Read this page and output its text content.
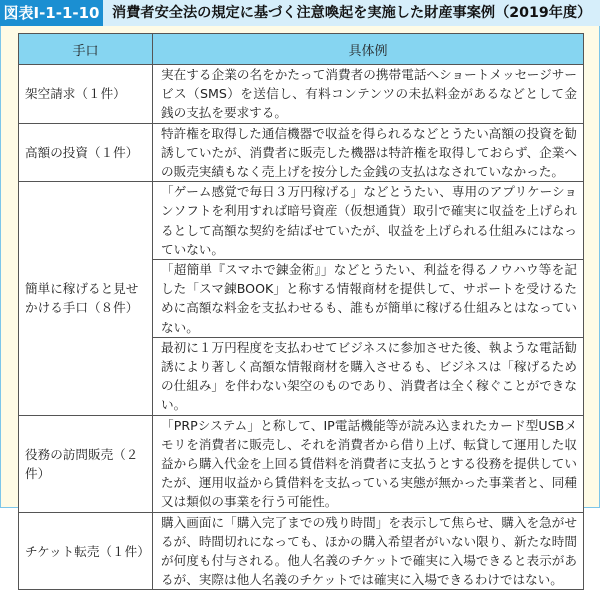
図表Ⅰ-1-1-10 消費者安全法の規定に基づく注意喚起を実施した財産事案例（2019年度）
手口	具体例
架空請求（１件）	実在する企業の名をかたって消費者の携帯電話へショートメッセージサービス（SMS）を送信し、有料コンテンツの未払料金があるなどとして金銭の支払を要求する。
高額の投資（１件）	特許権を取得した通信機器で収益を得られるなどとうたい高額の投資を勧誘していたが、消費者に販売した機器は特許権を取得しておらず、企業への販売実績もなく売上げを按分した金銭の支払はなされていなかった。
簡単に稼げると見せかける手口（８件）	「ゲーム感覚で毎日３万円稼げる」などとうたい、専用のアプリケーションソフトを利用すれば暗号資産（仮想通貨）取引で確実に収益を上げられるとして高額な契約を結ばせていたが、収益を上げられる仕組みにはなっていない。
	「超簡単『スマホで錬金術』」などとうたい、利益を得るノウハウ等を記した「スマ錬BOOK」と称する情報商材を提供して、サポートを受けるために高額な料金を支払わせるも、誰もが簡単に稼げる仕組みとはなっていない。
	最初に１万円程度を支払わせてビジネスに参加させた後、執ような電話勧誘により著しく高額な情報商材を購入させるも、ビジネスは「稼げるための仕組み」を伴わない架空のものであり、消費者は全く稼ぐことができない。
役務の訪問販売（２件）	「PRPシステム」と称して、IP電話機能等が読み込まれたカード型USBメモリを消費者に販売し、それを消費者から借り上げ、転貸して運用した収益から購入代金を上回る賃借料を消費者に支払うとする役務を提供していたが、運用収益から賃借料を支払っている実態が無かった事業者と、同種又は類似の事業を行う可能性。
チケット転売（１件）	購入画面に「購入完了までの残り時間」を表示して焦らせ、購入を急がせるが、時間切れになっても、ほかの購入希望者がいない限り、新たな時間が何度も付与される。他人名義のチケットで確実に入場できると表示があるが、実際は他人名義のチケットでは確実に入場できるわけではない。
